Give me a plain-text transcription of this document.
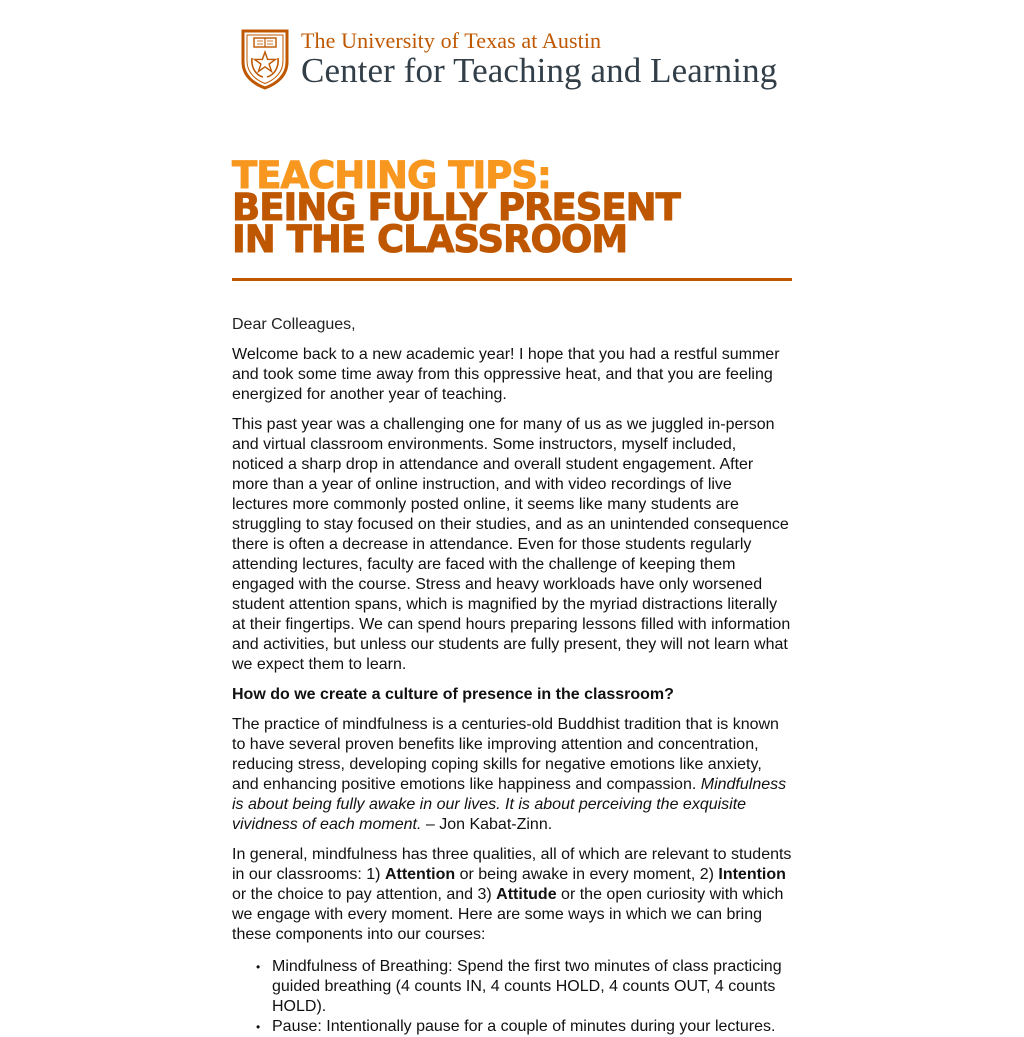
The University of Texas at Austin
Center for Teaching and Learning
TEACHING TIPS:
BEING FULLY PRESENT
IN THE CLASSROOM

Dear Colleagues,

Welcome back to a new academic year! I hope that you had a restful summer and took some time away from this oppressive heat, and that you are feeling energized for another year of teaching.

This past year was a challenging one for many of us as we juggled in-person and virtual classroom environments. Some instructors, myself included, noticed a sharp drop in attendance and overall student engagement. After more than a year of online instruction, and with video recordings of live lectures more commonly posted online, it seems like many students are struggling to stay focused on their studies, and as an unintended consequence there is often a decrease in attendance. Even for those students regularly attending lectures, faculty are faced with the challenge of keeping them engaged with the course. Stress and heavy workloads have only worsened student attention spans, which is magnified by the myriad distractions literally at their fingertips. We can spend hours preparing lessons filled with information and activities, but unless our students are fully present, they will not learn what we expect them to learn.

How do we create a culture of presence in the classroom?

The practice of mindfulness is a centuries-old Buddhist tradition that is known to have several proven benefits like improving attention and concentration, reducing stress, developing coping skills for negative emotions like anxiety, and enhancing positive emotions like happiness and compassion. Mindfulness is about being fully awake in our lives. It is about perceiving the exquisite vividness of each moment. – Jon Kabat-Zinn.

In general, mindfulness has three qualities, all of which are relevant to students in our classrooms: 1) Attention or being awake in every moment, 2) Intention or the choice to pay attention, and 3) Attitude or the open curiosity with which we engage with every moment. Here are some ways in which we can bring these components into our courses:

• Mindfulness of Breathing: Spend the first two minutes of class practicing guided breathing (4 counts IN, 4 counts HOLD, 4 counts OUT, 4 counts HOLD).
• Pause: Intentionally pause for a couple of minutes during your lectures.
